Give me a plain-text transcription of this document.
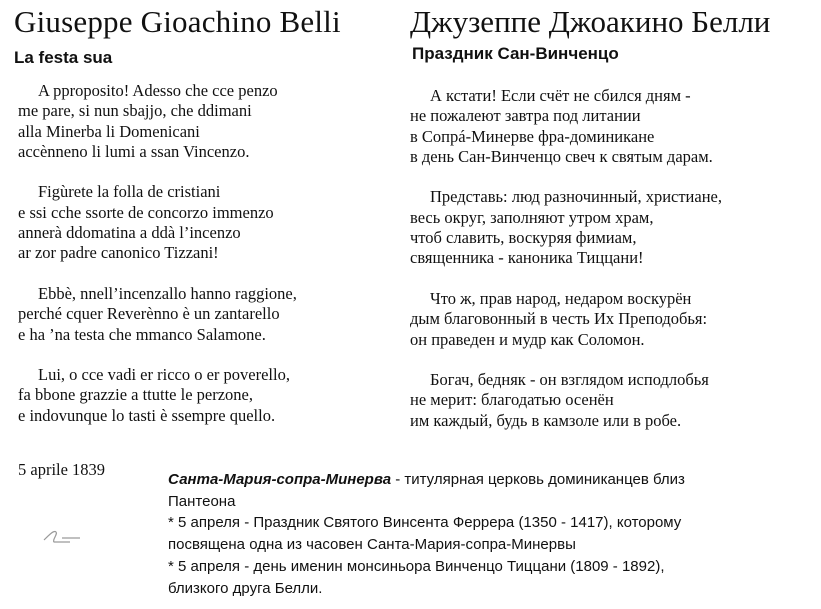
Giuseppe Gioachino Belli Джузеппе Джоакино Белли
La festa sua	Праздник Сан-Винченцо
A pproposito! Adesso che cce penzo
me pare, si nun sbajjo, che ddimani
alla Minerba li Domenicani
accènneno li lumi a ssan Vincenzo.
Figùrete la folla de cristiani
e ssi cche ssorte de concorzo immenzo
annerà ddomatina a ddà l’incenzo
ar zor padre canonico Tizzani!
Ebbè, nnell’incenzallo hanno raggione,
perché cquer Reverènno è un zantarello
e ha ’na testa che mmanco Salamone.
Lui, o cce vadi er ricco o er poverello,
fa bbone grazzie a ttutte le perzone,
e indovunque lo tasti è ssempre quello.
А кстати! Если счёт не сбился дням -
не пожалеют завтра под литании
в Сопрá-Минерве фра-доминикане
в день Сан-Винченцо свеч к святым дарам.
Представь: люд разночинный, христиане,
весь округ, заполняют утром храм,
чтоб славить, воскуряя фимиам,
священника - каноника Тиццани!
Что ж, прав народ, недаром воскурён
дым благовонный в честь Их Преподобья:
он праведен и мудр как Соломон.
Богач, бедняк - он взглядом исподлобья
не мерит: благодатью осенён
им каждый, будь в камзоле или в робе.
5 aprile 1839
Санта-Мария-сопра-Минерва - титулярная церковь доминиканцев близ
Пантеона
* 5 апреля - Праздник Святого Винсента Феррера (1350 - 1417), которому
посвящена одна из часовен Санта-Мария-сопра-Минервы
* 5 апреля - день именин монсиньора Винченцо Тиццани (1809 - 1892),
близкого друга Белли.
